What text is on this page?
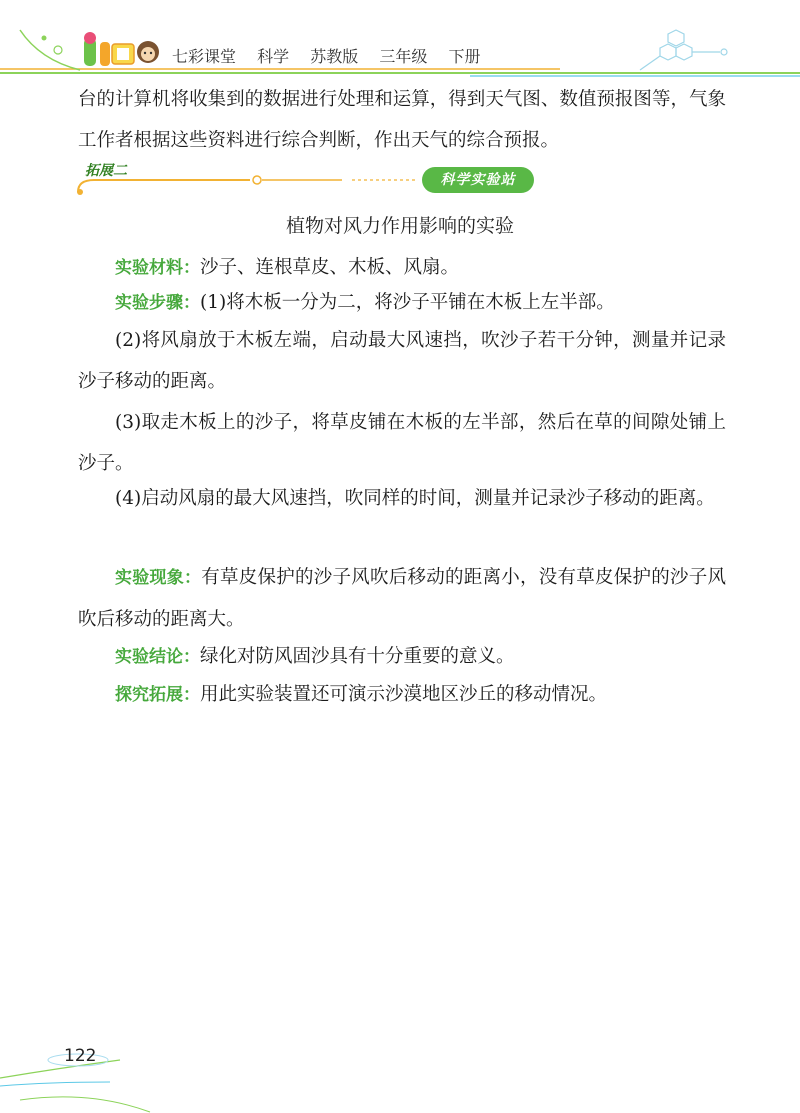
七彩课堂 科学 苏教版 三年级 下册
台的计算机将收集到的数据进行处理和运算，得到天气图、数值预报图等，气象工作者根据这些资料进行综合判断，作出天气的综合预报。
拓展二
科学实验站
植物对风力作用影响的实验
实验材料：沙子、连根草皮、木板、风扇。
实验步骤：(1)将木板一分为二，将沙子平铺在木板上左半部。
(2)将风扇放于木板左端，启动最大风速挡，吹沙子若干分钟，测量并记录沙子移动的距离。
(3)取走木板上的沙子，将草皮铺在木板的左半部，然后在草的间隙处铺上沙子。
(4)启动风扇的最大风速挡，吹同样的时间，测量并记录沙子移动的距离。
实验现象：有草皮保护的沙子风吹后移动的距离小，没有草皮保护的沙子风吹后移动的距离大。
实验结论：绿化对防风固沙具有十分重要的意义。
探究拓展：用此实验装置还可演示沙漠地区沙丘的移动情况。
122
